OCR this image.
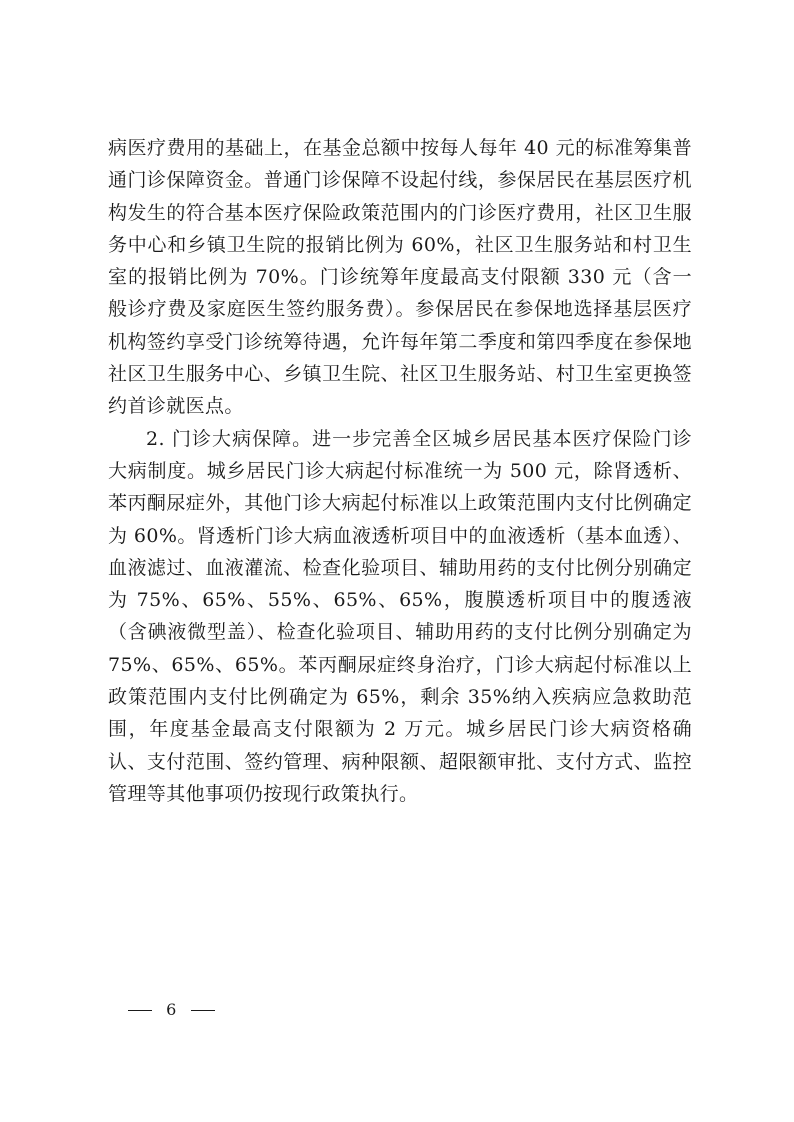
病医疗费用的基础上，在基金总额中按每人每年 40 元的标准筹集普通门诊保障资金。普通门诊保障不设起付线，参保居民在基层医疗机构发生的符合基本医疗保险政策范围内的门诊医疗费用，社区卫生服务中心和乡镇卫生院的报销比例为 60%，社区卫生服务站和村卫生室的报销比例为 70%。门诊统筹年度最高支付限额 330 元（含一般诊疗费及家庭医生签约服务费）。参保居民在参保地选择基层医疗机构签约享受门诊统筹待遇，允许每年第二季度和第四季度在参保地社区卫生服务中心、乡镇卫生院、社区卫生服务站、村卫生室更换签约首诊就医点。

2. 门诊大病保障。进一步完善全区城乡居民基本医疗保险门诊大病制度。城乡居民门诊大病起付标准统一为 500 元，除肾透析、苯丙酮尿症外，其他门诊大病起付标准以上政策范围内支付比例确定为 60%。肾透析门诊大病血液透析项目中的血液透析（基本血透）、血液滤过、血液灌流、检查化验项目、辅助用药的支付比例分别确定为 75%、65%、55%、65%、65%，腹膜透析项目中的腹透液（含碘液微型盖）、检查化验项目、辅助用药的支付比例分别确定为 75%、65%、65%。苯丙酮尿症终身治疗，门诊大病起付标准以上政策范围内支付比例确定为 65%，剩余 35%纳入疾病应急救助范围，年度基金最高支付限额为 2 万元。城乡居民门诊大病资格确认、支付范围、签约管理、病种限额、超限额审批、支付方式、监控管理等其他事项仍按现行政策执行。

6
